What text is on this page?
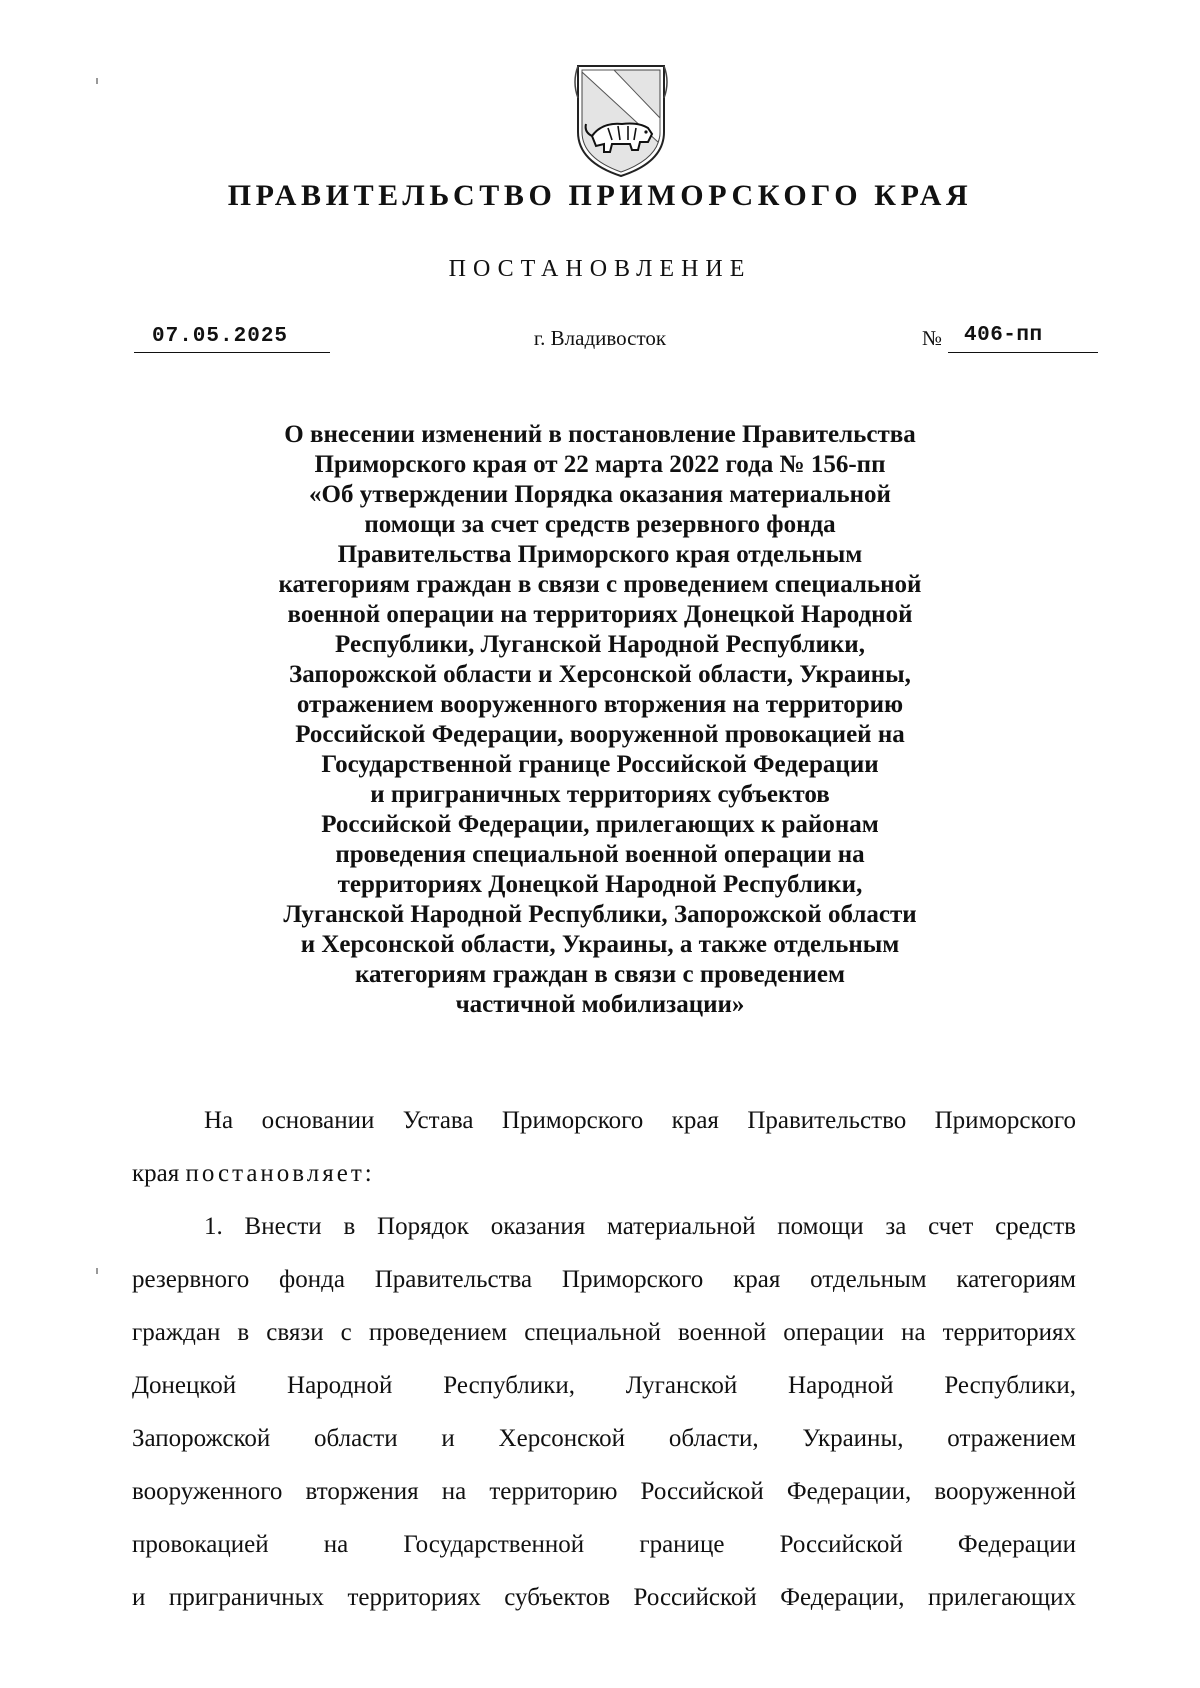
ПРАВИТЕЛЬСТВО ПРИМОРСКОГО КРАЯ
ПОСТАНОВЛЕНИЕ
07.05.2025	г. Владивосток	№ 406-пп
О внесении изменений в постановление Правительства
Приморского края от 22 марта 2022 года № 156-пп
«Об утверждении Порядка оказания материальной
помощи за счет средств резервного фонда
Правительства Приморского края отдельным
категориям граждан в связи с проведением специальной
военной операции на территориях Донецкой Народной
Республики, Луганской Народной Республики,
Запорожской области и Херсонской области, Украины,
отражением вооруженного вторжения на территорию
Российской Федерации, вооруженной провокацией на
Государственной границе Российской Федерации
и приграничных территориях субъектов
Российской Федерации, прилегающих к районам
проведения специальной военной операции на
территориях Донецкой Народной Республики,
Луганской Народной Республики, Запорожской области
и Херсонской области, Украины, а также отдельным
категориям граждан в связи с проведением
частичной мобилизации»
На основании Устава Приморского края Правительство Приморского
края постановляет:
1. Внести в Порядок оказания материальной помощи за счет средств
резервного фонда Правительства Приморского края отдельным категориям
граждан в связи с проведением специальной военной операции на территориях
Донецкой Народной Республики, Луганской Народной Республики,
Запорожской области и Херсонской области, Украины, отражением
вооруженного вторжения на территорию Российской Федерации, вооруженной
провокацией на Государственной границе Российской Федерации
и приграничных территориях субъектов Российской Федерации, прилегающих
